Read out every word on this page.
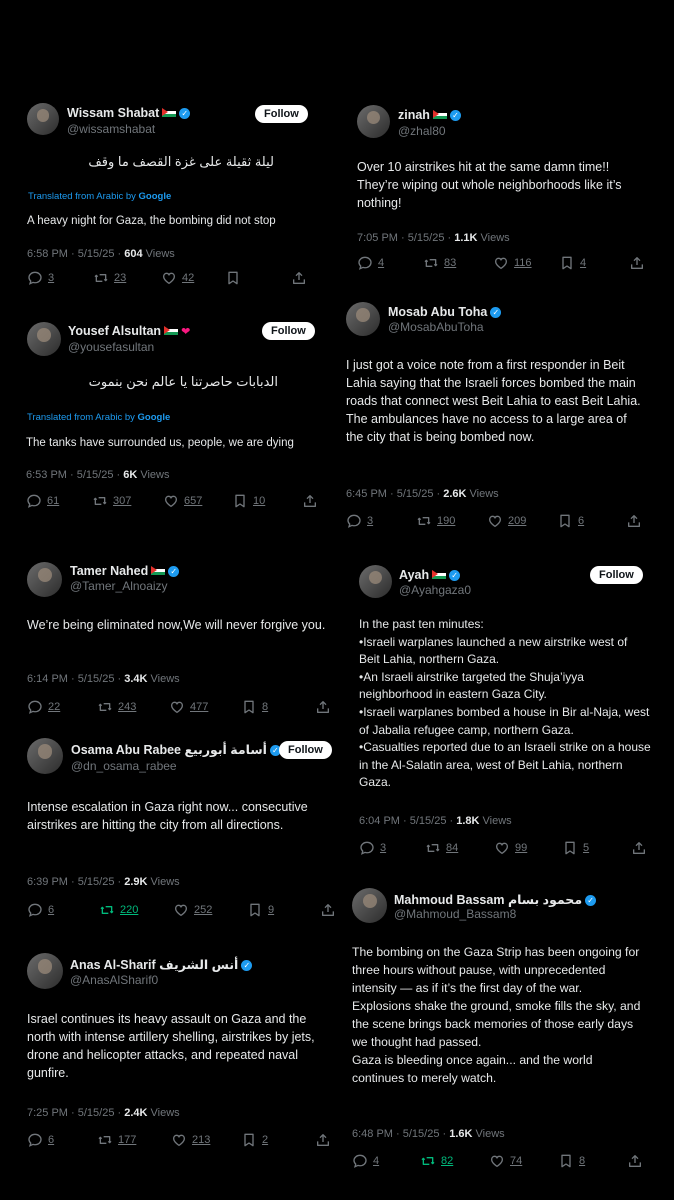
Wissam Shabat	✓
@wissamshabat
Follow
ليلة ثقيلة على غزة القصف ما وقف
Translated from Arabic by Google
A heavy night for Gaza, the bombing did not stop
6:58 PM · 5/15/25 · 604 Views
3	23	42
zinah	✓
@zhal80
Over 10 airstrikes hit at the same damn time!! They’re wiping out whole neighborhoods like it’s nothing!
7:05 PM · 5/15/25 · 1.1K Views
4	83	116	4
Yousef Alsultan ❤
@yousefasultan
Follow
الدبابات حاصرتنا يا عالم نحن بنموت
Translated from Arabic by Google
The tanks have surrounded us, people, we are dying
6:53 PM · 5/15/25 · 6K Views
61	307	657	10
Mosab Abu Toha ✓
@MosabAbuToha
I just got a voice note from a first responder in Beit Lahia saying that the Israeli forces bombed the main roads that connect west Beit Lahia to east Beit Lahia. The ambulances have no access to a large area of the city that is being bombed now.
6:45 PM · 5/15/25 · 2.6K Views
3	190	209	6
Tamer Nahed	✓
@Tamer_Alnoaizy
We’re being eliminated now,We will never forgive you.
6:14 PM · 5/15/25 · 3.4K Views
22	243	477	8
Ayah	✓
@Ayahgaza0
Follow
In the past ten minutes:
•Israeli warplanes launched a new airstrike west of Beit Lahia, northern Gaza.
•An Israeli airstrike targeted the Shuja’iyya neighborhood in eastern Gaza City.
•Israeli warplanes bombed a house in Bir al-Naja, west of Jabalia refugee camp, northern Gaza.
•Casualties reported due to an Israeli strike on a house in the Al-Salatin area, west of Beit Lahia, northern Gaza.
6:04 PM · 5/15/25 · 1.8K Views
3	84	99	5
Osama Abu Rabee أسامة أبوربيع ✓
@dn_osama_rabee
Follow
Intense escalation in Gaza right now... consecutive airstrikes are hitting the city from all directions.
6:39 PM · 5/15/25 · 2.9K Views
6	220	252	9
Mahmoud Bassam محمود بسام ✓
@Mahmoud_Bassam8
The bombing on the Gaza Strip has been ongoing for three hours without pause, with unprecedented intensity — as if it’s the first day of the war.
Explosions shake the ground, smoke fills the sky, and the scene brings back memories of those early days we thought had passed.
Gaza is bleeding once again... and the world continues to merely watch.
6:48 PM · 5/15/25 · 1.6K Views
4	82	74	8
Anas Al-Sharif أنس الشريف ✓
@AnasAlSharif0
Israel continues its heavy assault on Gaza and the north with intense artillery shelling, airstrikes by jets, drone and helicopter attacks, and repeated naval gunfire.
7:25 PM · 5/15/25 · 2.4K Views
6	177	213	2
